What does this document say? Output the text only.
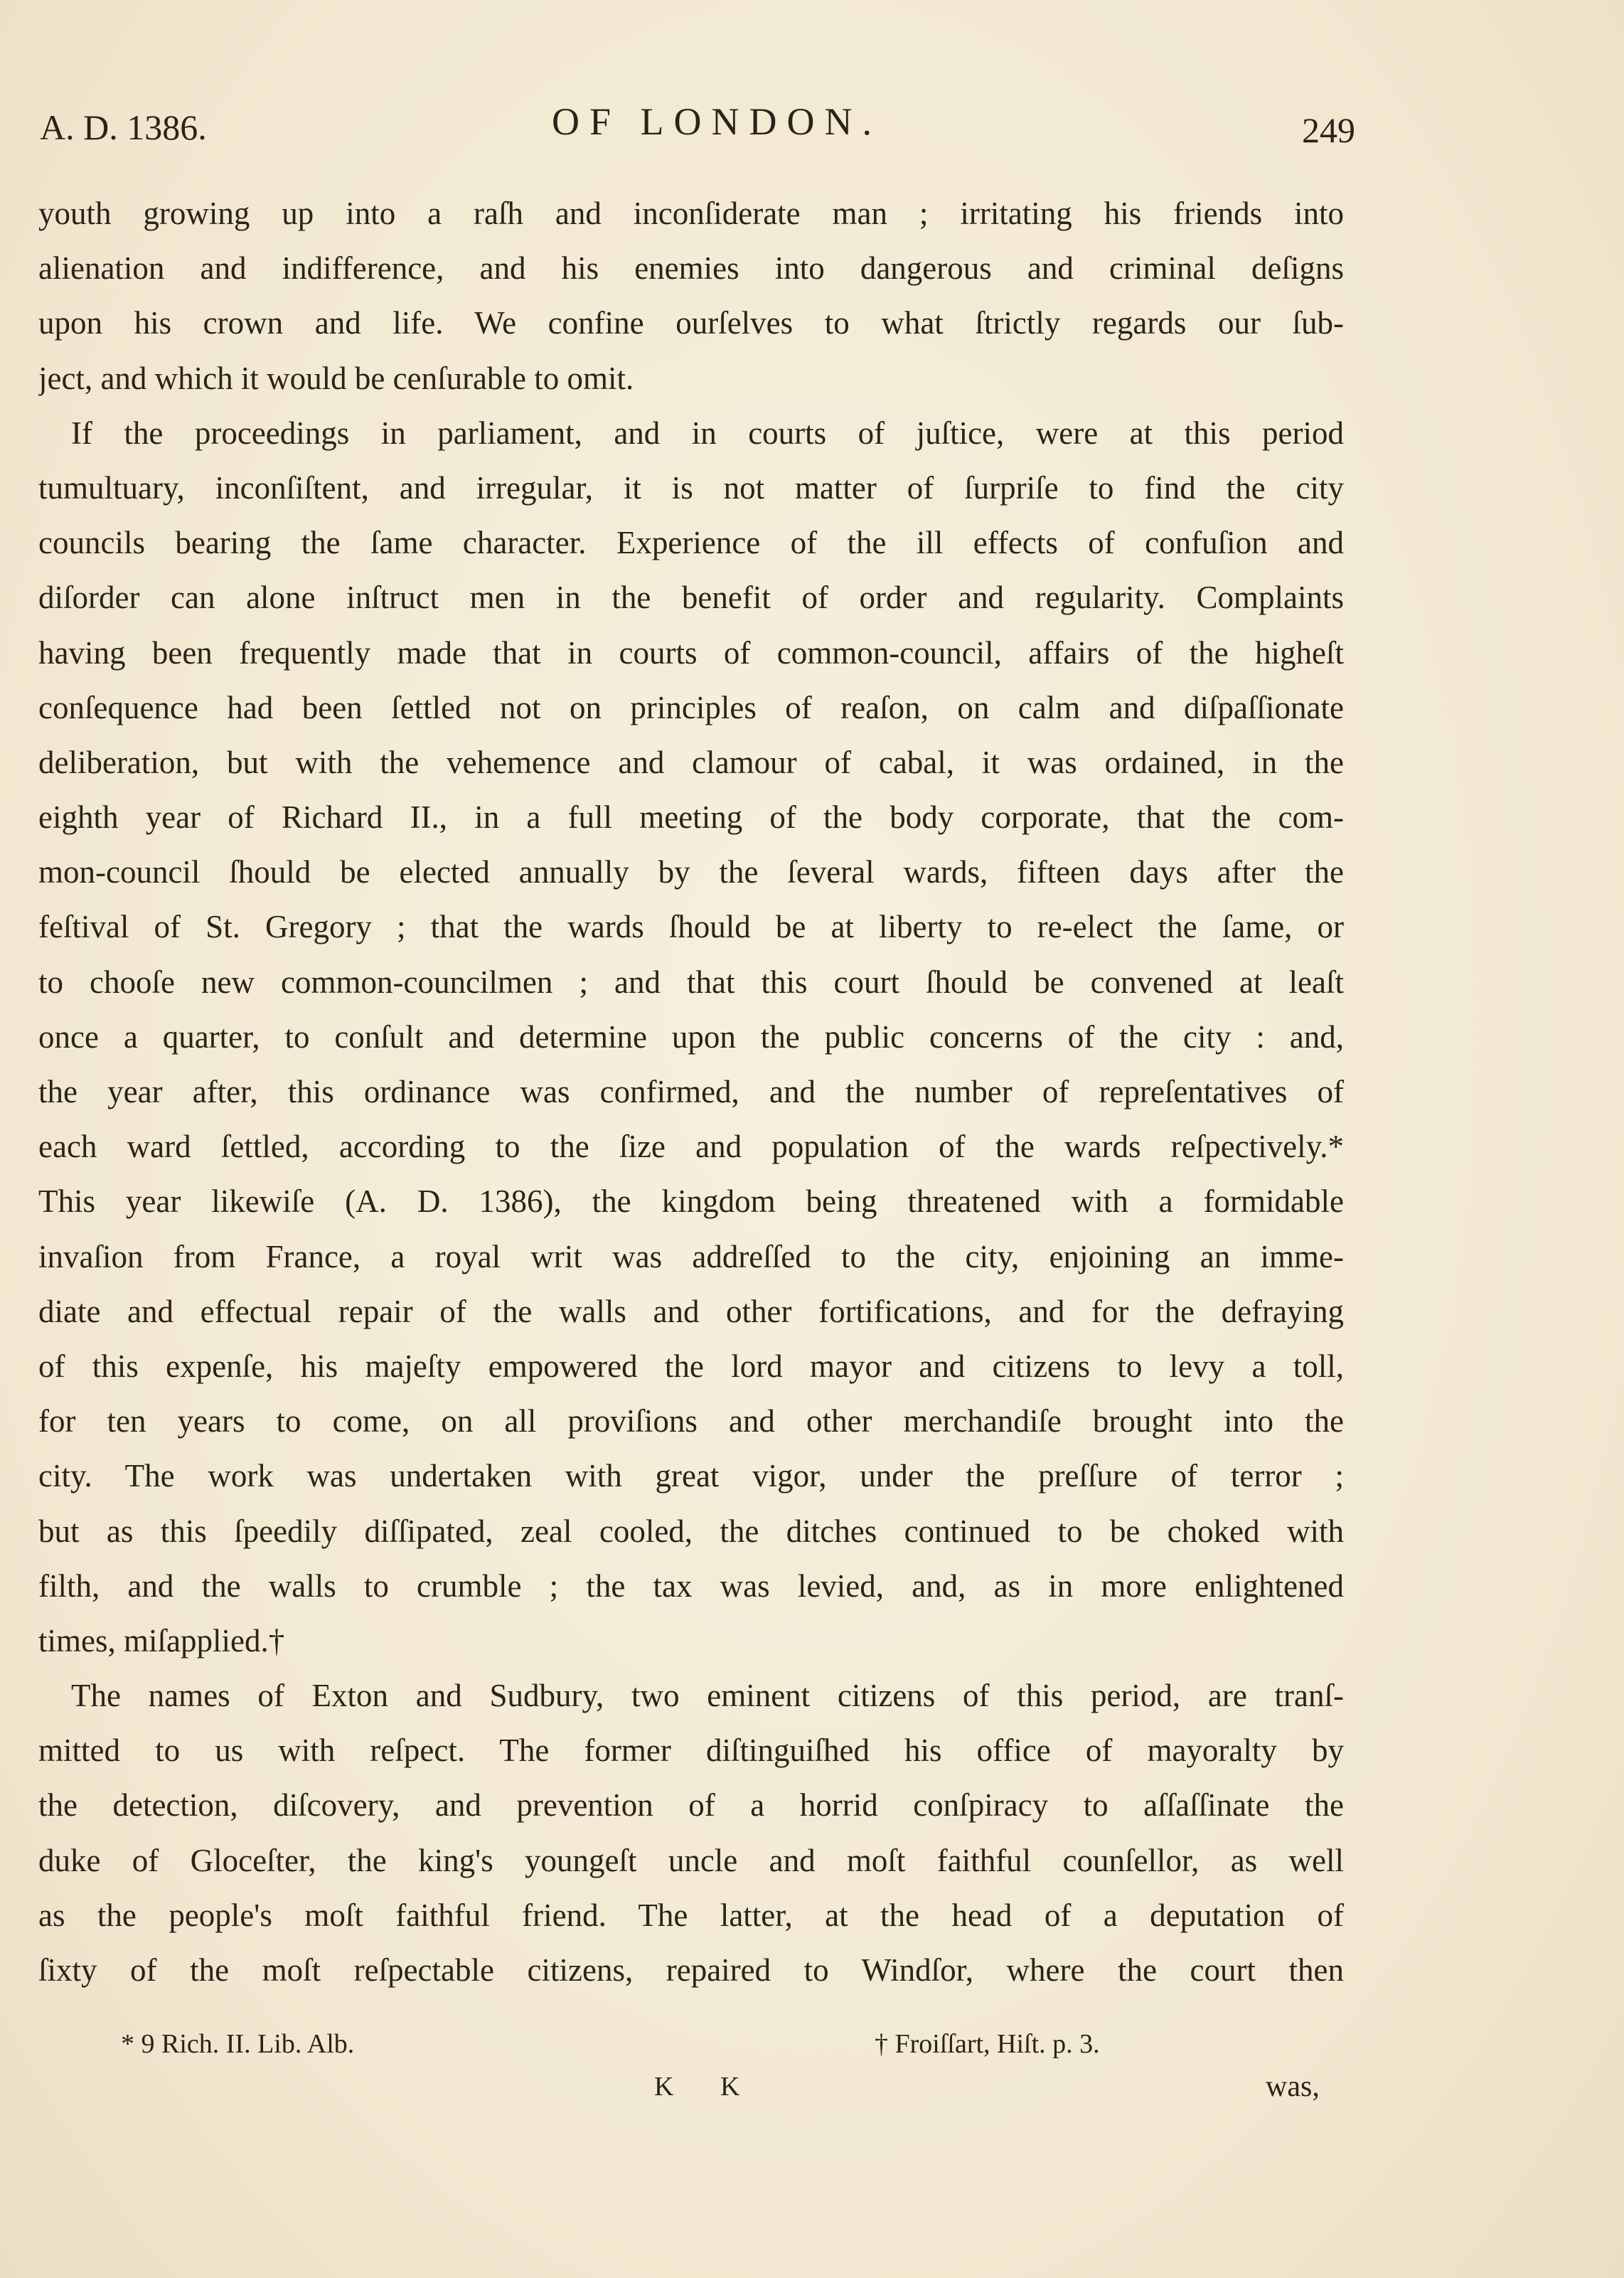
A. D. 1386.	OF LONDON.	249
youth growing up into a raſh and inconſiderate man ; irritating his friends into
alienation and indifference, and his enemies into dangerous and criminal deſigns
upon his crown and life. We confine ourſelves to what ſtrictly regards our ſub-
ject, and which it would be cenſurable to omit.
If the proceedings in parliament, and in courts of juſtice, were at this period
tumultuary, inconſiſtent, and irregular, it is not matter of ſurpriſe to find the city
councils bearing the ſame character. Experience of the ill effects of confuſion and
diſorder can alone inſtruct men in the benefit of order and regularity. Complaints
having been frequently made that in courts of common-council, affairs of the higheſt
conſequence had been ſettled not on principles of reaſon, on calm and diſpaſſionate
deliberation, but with the vehemence and clamour of cabal, it was ordained, in the
eighth year of Richard II., in a full meeting of the body corporate, that the com-
mon-council ſhould be elected annually by the ſeveral wards, fifteen days after the
feſtival of St. Gregory ; that the wards ſhould be at liberty to re-elect the ſame, or
to chooſe new common-councilmen ; and that this court ſhould be convened at leaſt
once a quarter, to conſult and determine upon the public concerns of the city : and,
the year after, this ordinance was confirmed, and the number of repreſentatives of
each ward ſettled, according to the ſize and population of the wards reſpectively.*
This year likewiſe (A. D. 1386), the kingdom being threatened with a formidable
invaſion from France, a royal writ was addreſſed to the city, enjoining an imme-
diate and effectual repair of the walls and other fortifications, and for the defraying
of this expenſe, his majeſty empowered the lord mayor and citizens to levy a toll,
for ten years to come, on all proviſions and other merchandiſe brought into the
city. The work was undertaken with great vigor, under the preſſure of terror ;
but as this ſpeedily diſſipated, zeal cooled, the ditches continued to be choked with
filth, and the walls to crumble ; the tax was levied, and, as in more enlightened
times, miſapplied.†
The names of Exton and Sudbury, two eminent citizens of this period, are tranſ-
mitted to us with reſpect. The former diſtinguiſhed his office of mayoralty by
the detection, diſcovery, and prevention of a horrid conſpiracy to aſſaſſinate the
duke of Gloceſter, the king's youngeſt uncle and moſt faithful counſellor, as well
as the people's moſt faithful friend. The latter, at the head of a deputation of
ſixty of the moſt reſpectable citizens, repaired to Windſor, where the court then
* 9 Rich. II. Lib. Alb.	† Froiſſart, Hiſt. p. 3.
K K	was,
